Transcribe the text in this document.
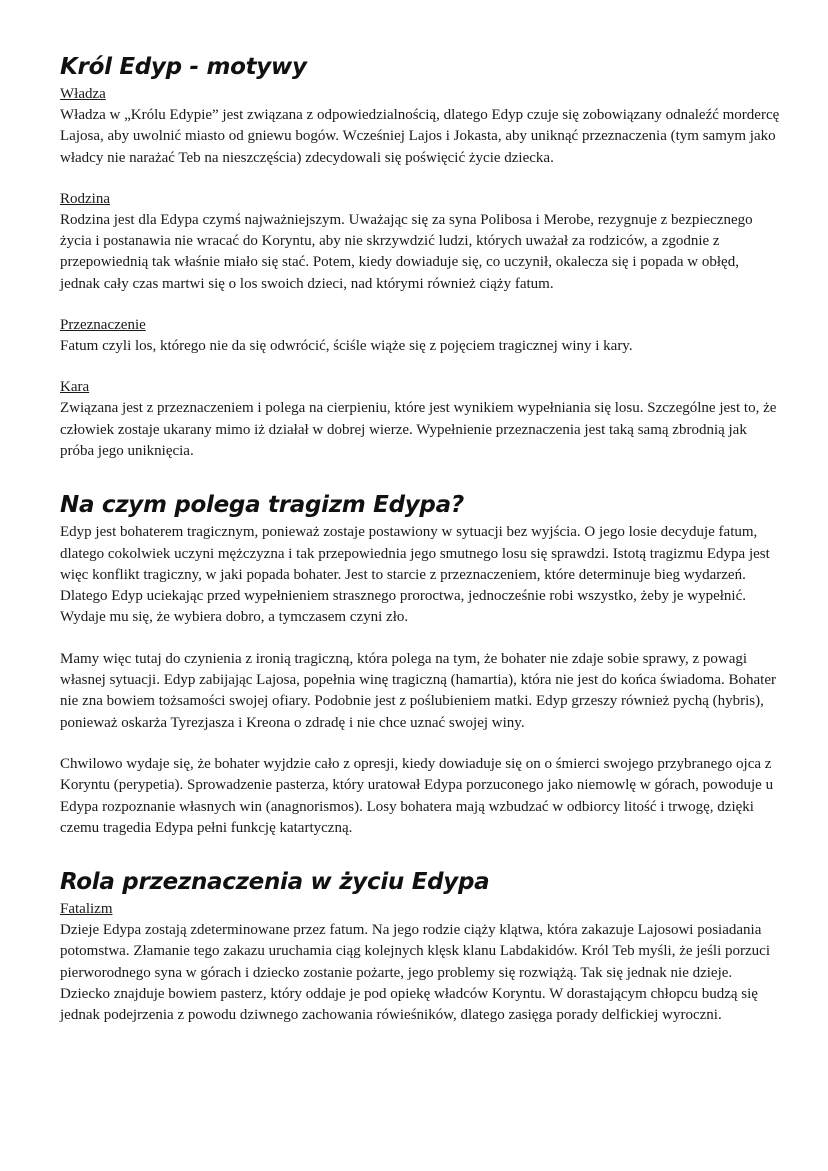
Król Edyp - motywy

Władza

Władza w „Królu Edypie” jest związana z odpowiedzialnością, dlatego Edyp czuje się zobowiązany odnaleźć mordercę Lajosa, aby uwolnić miasto od gniewu bogów. Wcześniej Lajos i Jokasta, aby uniknąć przeznaczenia (tym samym jako władcy nie narażać Teb na nieszczęścia) zdecydowali się poświęcić życie dziecka.

Rodzina

Rodzina jest dla Edypa czymś najważniejszym. Uważając się za syna Polibosa i Merobe, rezygnuje z bezpiecznego życia i postanawia nie wracać do Koryntu, aby nie skrzywdzić ludzi, których uważał za rodziców, a zgodnie z przepowiednią tak właśnie miało się stać. Potem, kiedy dowiaduje się, co uczynił, okalecza się i popada w obłęd, jednak cały czas martwi się o los swoich dzieci, nad którymi również ciąży fatum.

Przeznaczenie

Fatum czyli los, którego nie da się odwrócić, ściśle wiąże się z pojęciem tragicznej winy i kary.

Kara

Związana jest z przeznaczeniem i polega na cierpieniu, które jest wynikiem wypełniania się losu. Szczególne jest to, że człowiek zostaje ukarany mimo iż działał w dobrej wierze. Wypełnienie przeznaczenia jest taką samą zbrodnią jak próba jego uniknięcia.

Na czym polega tragizm Edypa?

Edyp jest bohaterem tragicznym, ponieważ zostaje postawiony w sytuacji bez wyjścia. O jego losie decyduje fatum, dlatego cokolwiek uczyni mężczyzna i tak przepowiednia jego smutnego losu się sprawdzi. Istotą tragizmu Edypa jest więc konflikt tragiczny, w jaki popada bohater. Jest to starcie z przeznaczeniem, które determinuje bieg wydarzeń. Dlatego Edyp uciekając przed wypełnieniem strasznego proroctwa, jednocześnie robi wszystko, żeby je wypełnić. Wydaje mu się, że wybiera dobro, a tymczasem czyni zło.

Mamy więc tutaj do czynienia z ironią tragiczną, która polega na tym, że bohater nie zdaje sobie sprawy, z powagi własnej sytuacji. Edyp zabijając Lajosa, popełnia winę tragiczną (hamartia), która nie jest do końca świadoma. Bohater nie zna bowiem tożsamości swojej ofiary. Podobnie jest z poślubieniem matki. Edyp grzeszy również pychą (hybris), ponieważ oskarża Tyrezjasza i Kreona o zdradę i nie chce uznać swojej winy.

Chwilowo wydaje się, że bohater wyjdzie cało z opresji, kiedy dowiaduje się on o śmierci swojego przybranego ojca z Koryntu (perypetia). Sprowadzenie pasterza, który uratował Edypa porzuconego jako niemowlę w górach, powoduje u Edypa rozpoznanie własnych win (anagnorismos). Losy bohatera mają wzbudzać w odbiorcy litość i trwogę, dzięki czemu tragedia Edypa pełni funkcję katartyczną.

Rola przeznaczenia w życiu Edypa

Fatalizm

Dzieje Edypa zostają zdeterminowane przez fatum. Na jego rodzie ciąży klątwa, która zakazuje Lajosowi posiadania potomstwa. Złamanie tego zakazu uruchamia ciąg kolejnych klęsk klanu Labdakidów. Król Teb myśli, że jeśli porzuci pierworodnego syna w górach i dziecko zostanie pożarte, jego problemy się rozwiążą. Tak się jednak nie dzieje. Dziecko znajduje bowiem pasterz, który oddaje je pod opiekę władców Koryntu. W dorastającym chłopcu budzą się jednak podejrzenia z powodu dziwnego zachowania rówieśników, dlatego zasięga porady delfickiej wyroczni.
